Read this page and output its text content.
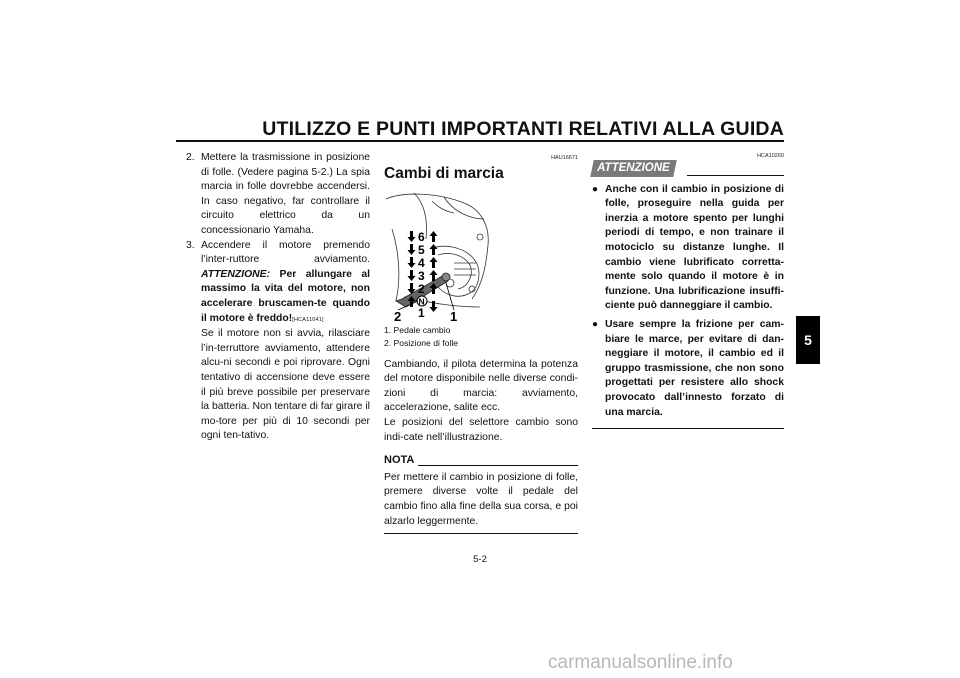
UTILIZZO E PUNTI IMPORTANTI RELATIVI ALLA GUIDA
5
2. Mettere la trasmissione in posizione di folle. (Vedere pagina 5-2.) La spia marcia in folle dovrebbe accendersi. In caso negativo, far controllare il circuito elettrico da un concessionario Yamaha.
3. Accendere il motore premendo l’inter-ruttore avviamento. ATTENZIONE: Per allungare al massimo la vita del motore, non accelerare bruscamen-te quando il motore è freddo![HCA11041]
Se il motore non si avvia, rilasciare l’in-terruttore avviamento, attendere alcu-ni secondi e poi riprovare. Ogni tentativo di accensione deve essere il più breve possibile per preservare la batteria. Non tentare di far girare il mo-tore per più di 10 secondi per ogni ten-tativo.
HAU16671
Cambi di marcia
6
5
4
3
2
N
1
2	1
1. Pedale cambio
2. Posizione di folle
Cambiando, il pilota determina la potenza del motore disponibile nelle diverse condi-zioni di marcia: avviamento, accelerazione, salite ecc.
Le posizioni del selettore cambio sono indi-cate nell’illustrazione.
NOTA
Per mettere il cambio in posizione di folle, premere diverse volte il pedale del cambio fino alla fine della sua corsa, e poi alzarlo leggermente.
HCA10260
ATTENZIONE
● Anche con il cambio in posizione di folle, proseguire nella guida per inerzia a motore spento per lunghi periodi di tempo, e non trainare il motociclo su distanze lunghe. Il cambio viene lubrificato corretta-mente solo quando il motore è in funzione. Una lubrificazione insuffi-ciente può danneggiare il cambio.
● Usare sempre la frizione per cam-biare le marce, per evitare di dan-neggiare il motore, il cambio ed il gruppo trasmissione, che non sono progettati per resistere allo shock provocato dall’innesto forzato di una marcia.
5-2
carmanualsonline.info
